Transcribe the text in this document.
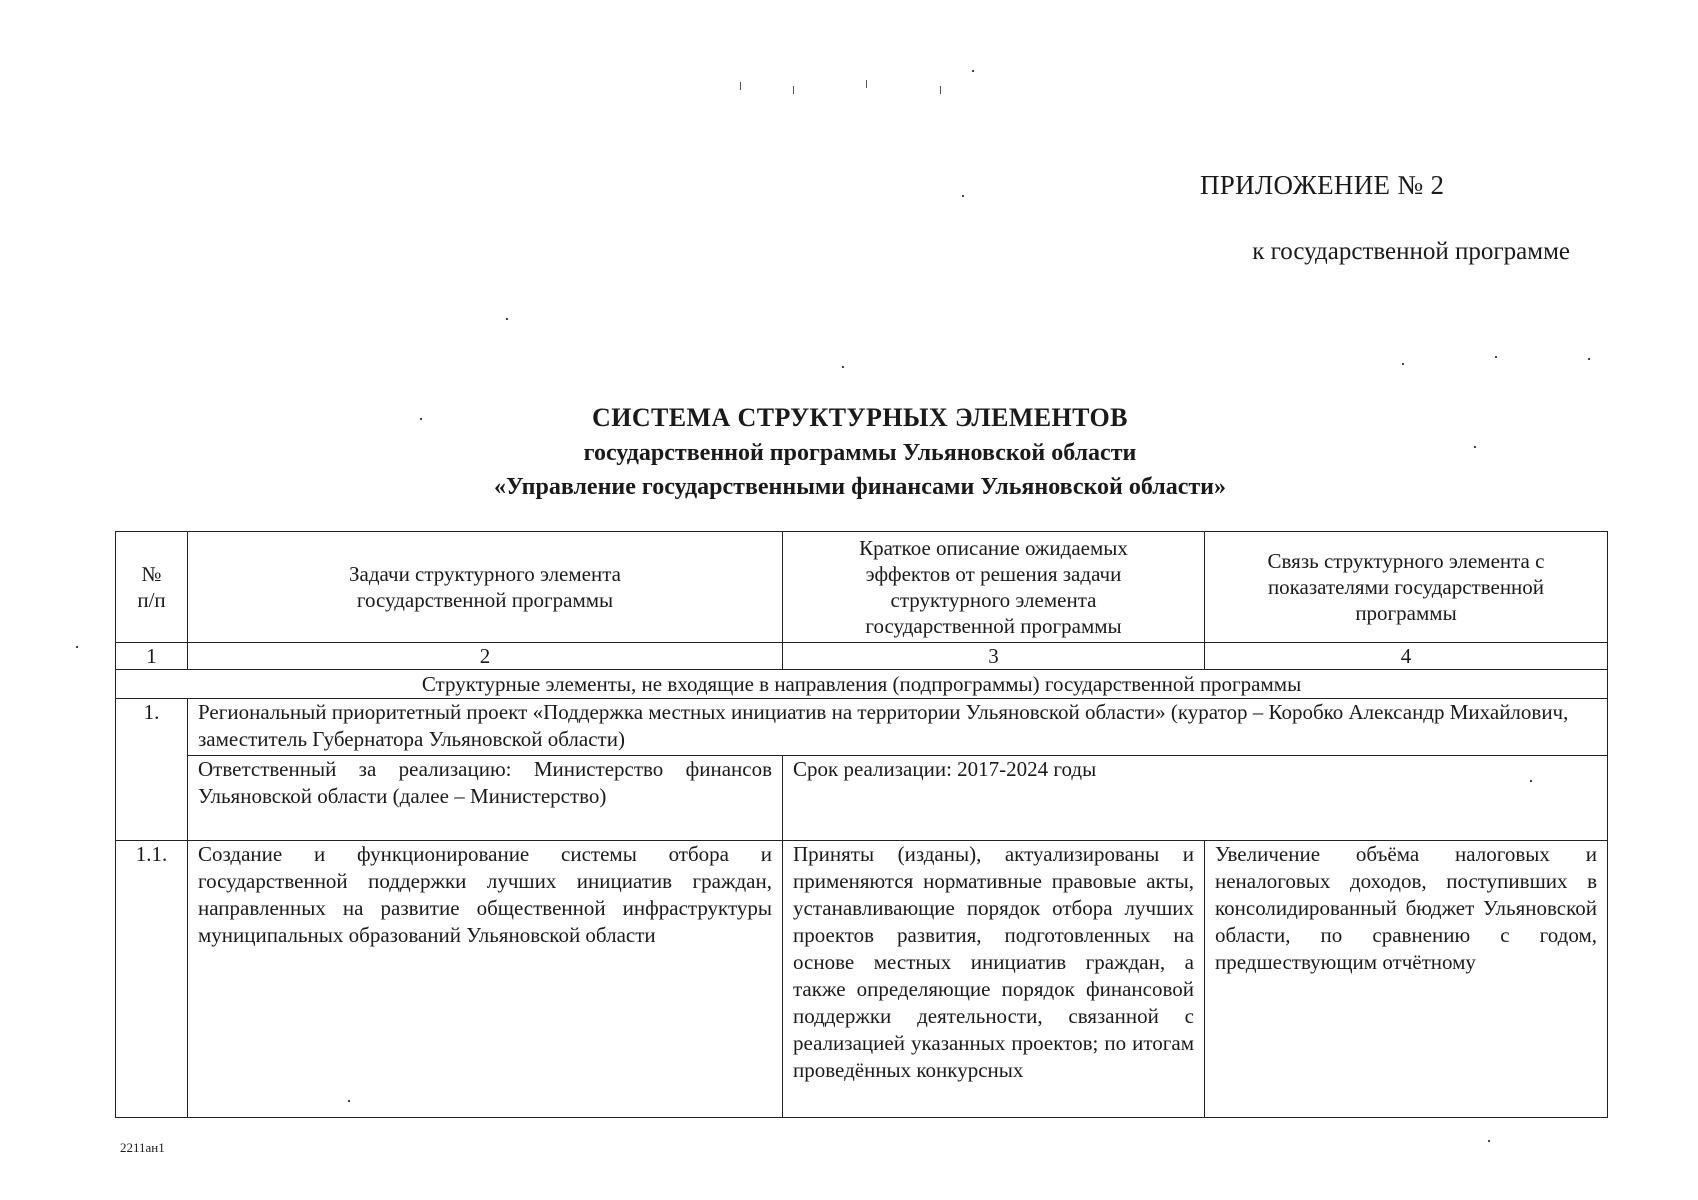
ПРИЛОЖЕНИЕ № 2
к государственной программе
СИСТЕМА СТРУКТУРНЫХ ЭЛЕМЕНТОВ
государственной программы Ульяновской области
«Управление государственными финансами Ульяновской области»
№ п/п	Задачи структурного элемента государственной программы	Краткое описание ожидаемых эффектов от решения задачи структурного элемента государственной программы	Связь структурного элемента с показателями государственной программы
1	2	3	4
Структурные элементы, не входящие в направления (подпрограммы) государственной программы			
1.	Региональный приоритетный проект «Поддержка местных инициатив на территории Ульяновской области» (куратор – Коробко Александр Михайлович, заместитель Губернатора Ульяновской области)		
	Ответственный за реализацию: Министерство финансов Ульяновской области (далее – Министерство)	Срок реализации: 2017-2024 годы	
1.1.	Создание и функционирование системы отбора и государственной поддержки лучших инициатив граждан, направленных на развитие общественной инфраструктуры муниципальных образований Ульяновской области	Приняты (изданы), актуализированы и применяются нормативные правовые акты, устанавливающие порядок отбора лучших проектов развития, подготовленных на основе местных инициатив граждан, а также определяющие порядок финансовой поддержки деятельности, связанной с реализацией указанных проектов; по итогам проведённых конкурсных	Увеличение объёма налоговых и неналоговых доходов, поступивших в консолидированный бюджет Ульяновской области, по сравнению с годом, предшествующим отчётному
2211ан1
